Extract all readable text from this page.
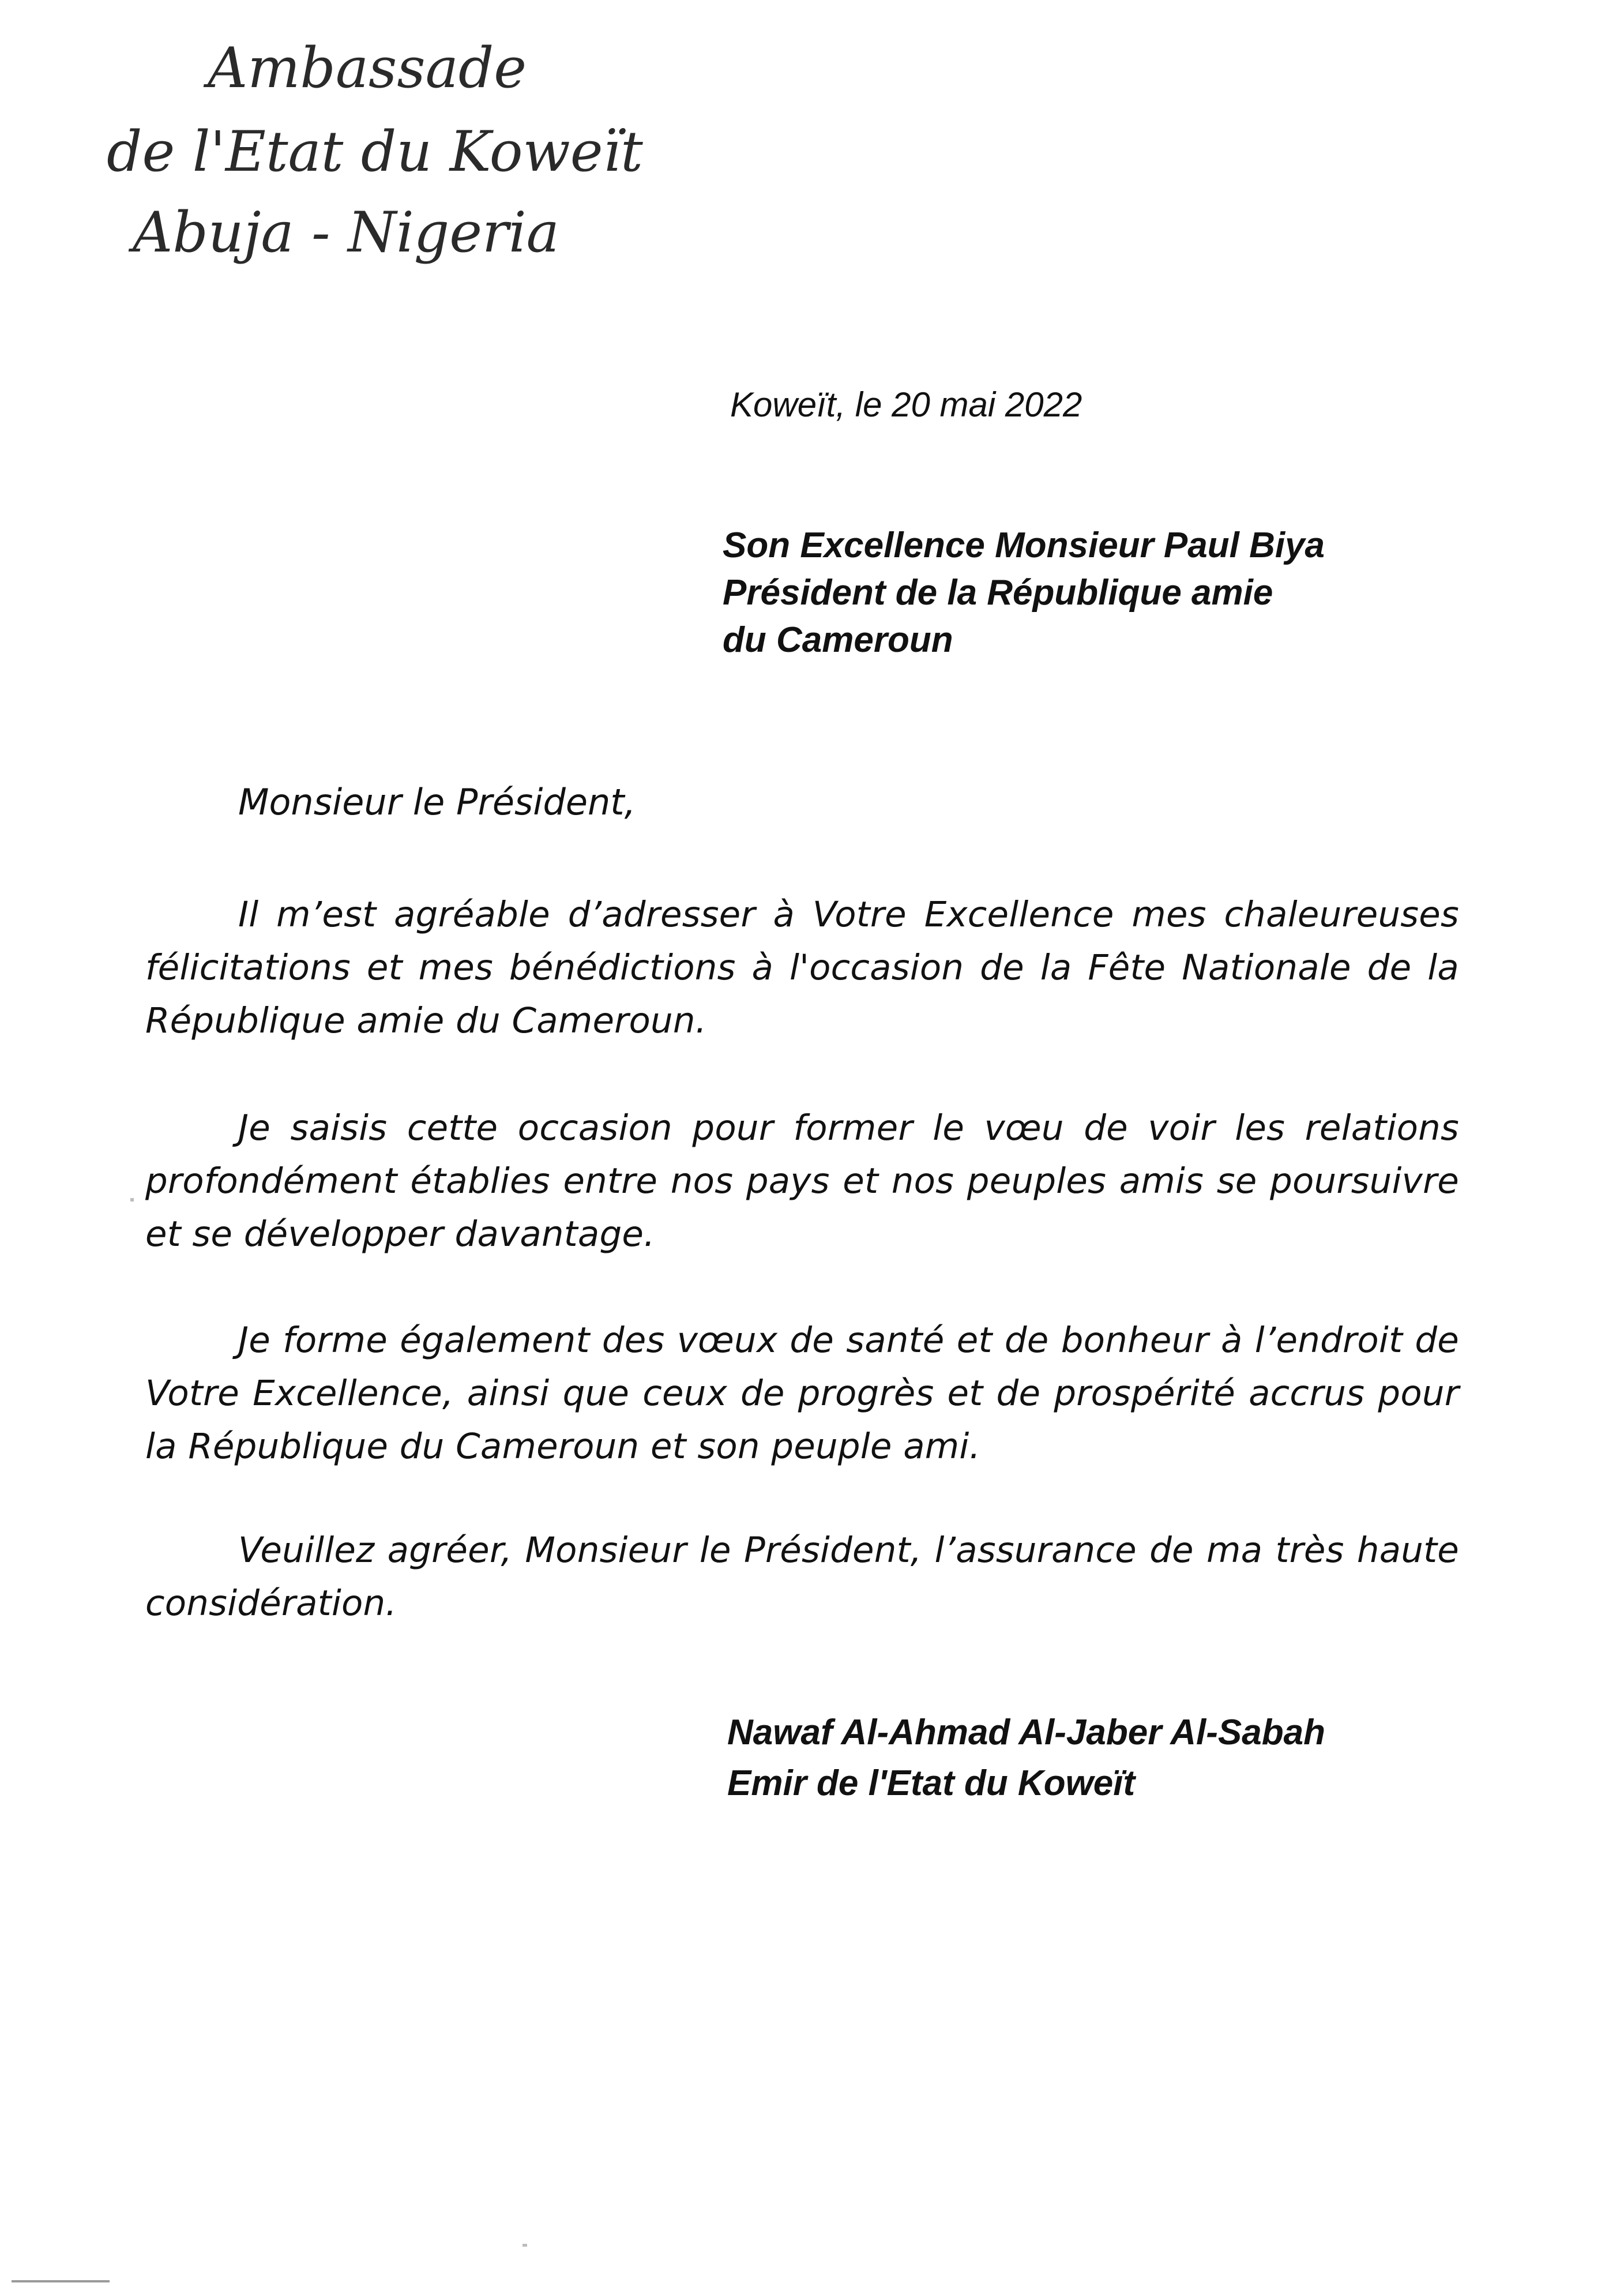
Ambassade
de l'Etat du Koweït
Abuja - Nigeria
Koweït, le 20 mai 2022
Son Excellence Monsieur Paul Biya
Président de la République amie
du Cameroun
Monsieur le Président,
Il m’est agréable d’adresser à Votre Excellence mes chaleureuses félicitations et mes bénédictions à l'occasion de la Fête Nationale de la République amie du Cameroun.
Je saisis cette occasion pour former le vœu de voir les relations profondément établies entre nos pays et nos peuples amis se poursuivre et se développer davantage.
Je forme également des vœux de santé et de bonheur à l’endroit de Votre Excellence, ainsi que ceux de progrès et de prospérité accrus pour la République du Cameroun et son peuple ami.
Veuillez agréer, Monsieur le Président, l’assurance de ma très haute considération.
Nawaf Al-Ahmad Al-Jaber Al-Sabah
Emir de l'Etat du Koweït
